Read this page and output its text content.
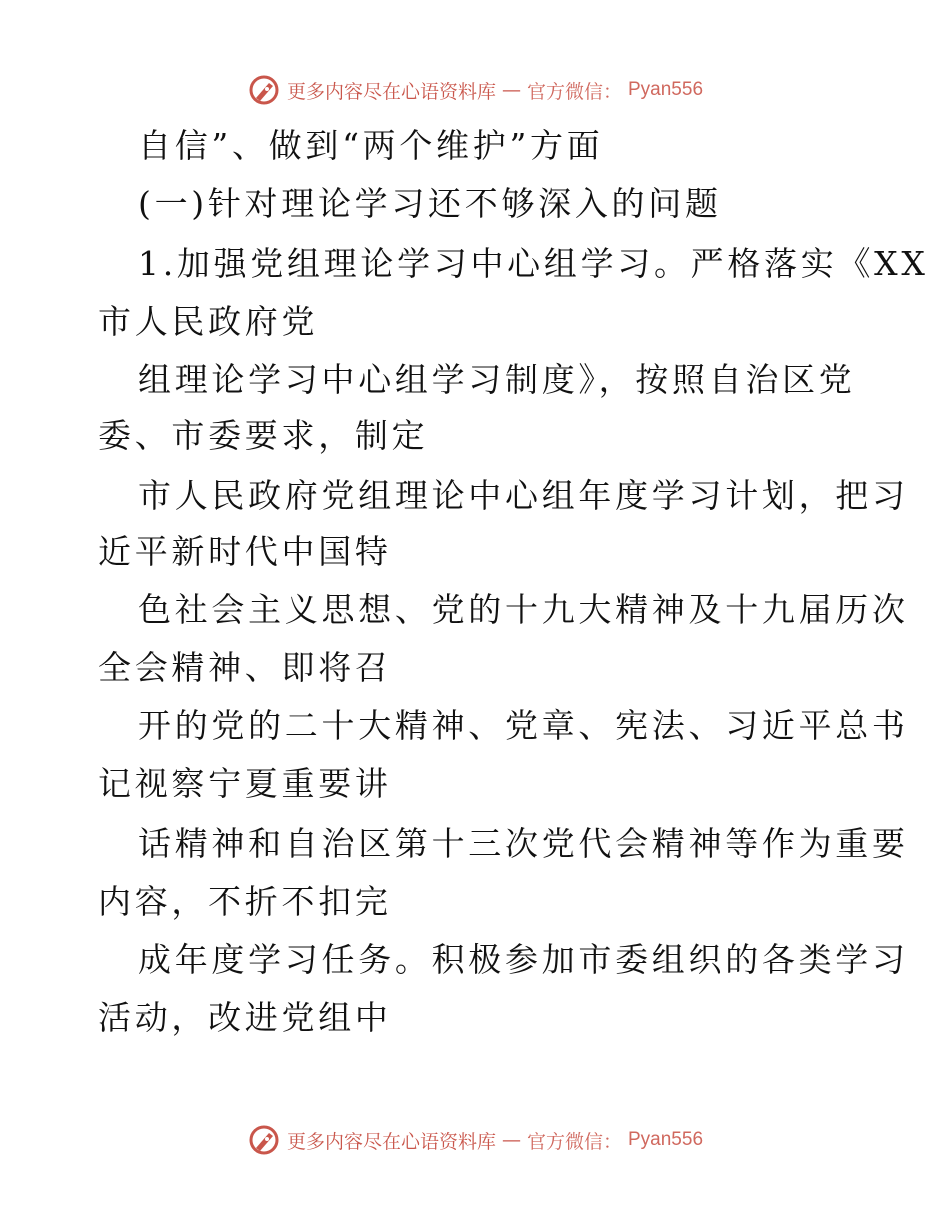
更多内容尽在心语资料库 — 官方微信： Pyan556
自信”、做到“两个维护”方面
(一)针对理论学习还不够深入的问题
1.加强党组理论学习中心组学习。严格落实《XX
市人民政府党
组理论学习中心组学习制度》，按照自治区党
委、市委要求，制定
市人民政府党组理论中心组年度学习计划，把习
近平新时代中国特
色社会主义思想、党的十九大精神及十九届历次
全会精神、即将召
开的党的二十大精神、党章、宪法、习近平总书
记视察宁夏重要讲
话精神和自治区第十三次党代会精神等作为重要
内容，不折不扣完
成年度学习任务。积极参加市委组织的各类学习
活动，改进党组中
更多内容尽在心语资料库 — 官方微信： Pyan556
